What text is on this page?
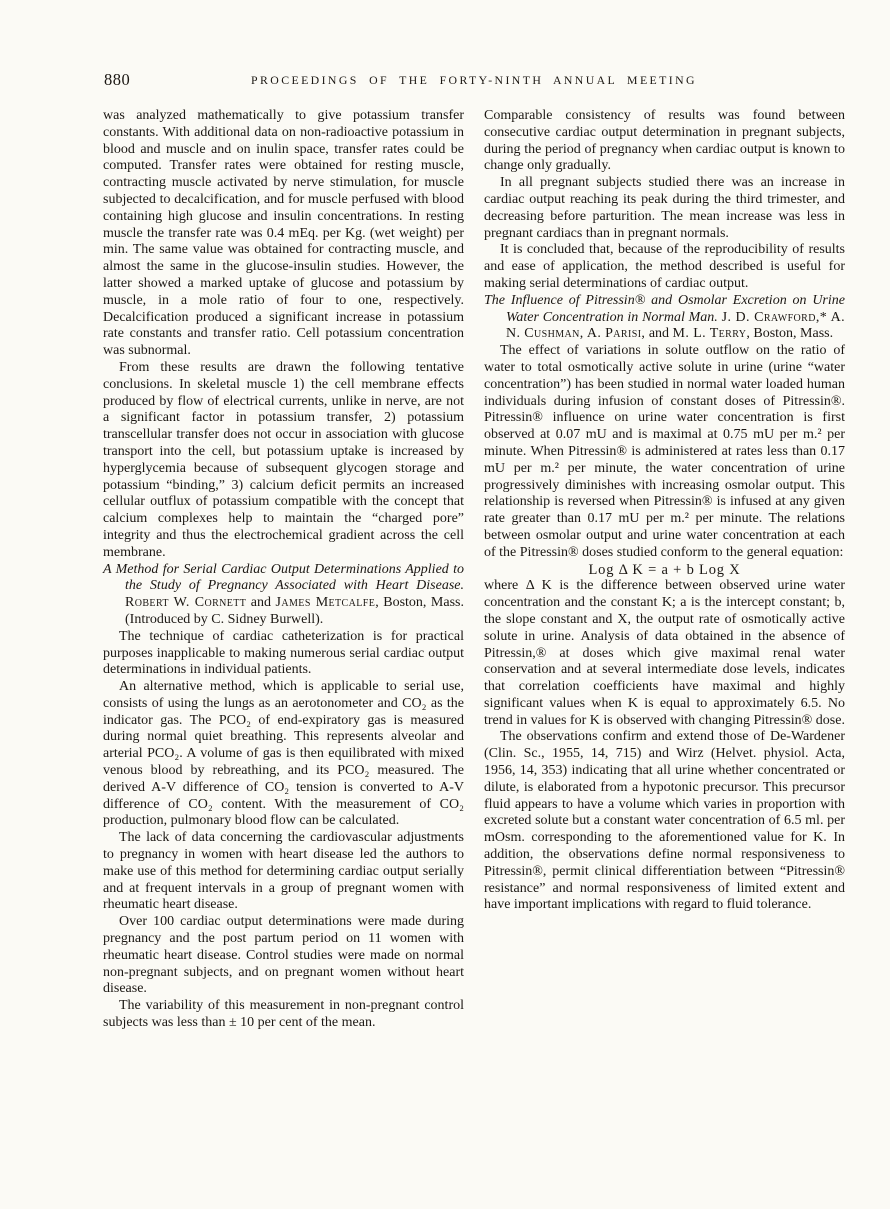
880	PROCEEDINGS OF THE FORTY-NINTH ANNUAL MEETING

was analyzed mathematically to give potassium transfer constants. With additional data on non-radioactive potassium in blood and muscle and on inulin space, transfer rates could be computed. Transfer rates were obtained for resting muscle, contracting muscle activated by nerve stimulation, for muscle subjected to decalcification, and for muscle perfused with blood containing high glucose and insulin concentrations. In resting muscle the transfer rate was 0.4 mEq. per Kg. (wet weight) per min. The same value was obtained for contracting muscle, and almost the same in the glucose-insulin studies. However, the latter showed a marked uptake of glucose and potassium by muscle, in a mole ratio of four to one, respectively. Decalcification produced a significant increase in potassium rate constants and transfer ratio. Cell potassium concentration was subnormal.

From these results are drawn the following tentative conclusions. In skeletal muscle 1) the cell membrane effects produced by flow of electrical currents, unlike in nerve, are not a significant factor in potassium transfer, 2) potassium transcellular transfer does not occur in association with glucose transport into the cell, but potassium uptake is increased by hyperglycemia because of subsequent glycogen storage and potassium “binding,” 3) calcium deficit permits an increased cellular outflux of potassium compatible with the concept that calcium complexes help to maintain the “charged pore” integrity and thus the electrochemical gradient across the cell membrane.

A Method for Serial Cardiac Output Determinations Applied to the Study of Pregnancy Associated with Heart Disease. Robert W. Cornett and James Metcalfe, Boston, Mass. (Introduced by C. Sidney Burwell).

The technique of cardiac catheterization is for practical purposes inapplicable to making numerous serial cardiac output determinations in individual patients.

An alternative method, which is applicable to serial use, consists of using the lungs as an aerotonometer and CO₂ as the indicator gas. The PCO₂ of end-expiratory gas is measured during normal quiet breathing. This represents alveolar and arterial PCO₂. A volume of gas is then equilibrated with mixed venous blood by rebreathing, and its PCO₂ measured. The derived A-V difference of CO₂ tension is converted to A-V difference of CO₂ content. With the measurement of CO₂ production, pulmonary blood flow can be calculated.

The lack of data concerning the cardiovascular adjustments to pregnancy in women with heart disease led the authors to make use of this method for determining cardiac output serially and at frequent intervals in a group of pregnant women with rheumatic heart disease.

Over 100 cardiac output determinations were made during pregnancy and the post partum period on 11 women with rheumatic heart disease. Control studies were made on normal non-pregnant subjects, and on pregnant women without heart disease.

The variability of this measurement in non-pregnant control subjects was less than ± 10 per cent of the mean.

Comparable consistency of results was found between consecutive cardiac output determination in pregnant subjects, during the period of pregnancy when cardiac output is known to change only gradually.

In all pregnant subjects studied there was an increase in cardiac output reaching its peak during the third trimester, and decreasing before parturition. The mean increase was less in pregnant cardiacs than in pregnant normals.

It is concluded that, because of the reproducibility of results and ease of application, the method described is useful for making serial determinations of cardiac output.

The Influence of Pitressin® and Osmolar Excretion on Urine Water Concentration in Normal Man. J. D. Crawford,* A. N. Cushman, A. Parisi, and M. L. Terry, Boston, Mass.

The effect of variations in solute outflow on the ratio of water to total osmotically active solute in urine (urine “water concentration”) has been studied in normal water loaded human individuals during infusion of constant doses of Pitressin®. Pitressin® influence on urine water concentration is first observed at 0.07 mU and is maximal at 0.75 mU per m.² per minute. When Pitressin® is administered at rates less than 0.17 mU per m.² per minute, the water concentration of urine progressively diminishes with increasing osmolar output. This relationship is reversed when Pitressin® is infused at any given rate greater than 0.17 mU per m.² per minute. The relations between osmolar output and urine water concentration at each of the Pitressin® doses studied conform to the general equation:

Log Δ K = a + b Log X

where Δ K is the difference between observed urine water concentration and the constant K; a is the intercept constant; b, the slope constant and X, the output rate of osmotically active solute in urine. Analysis of data obtained in the absence of Pitressin,® at doses which give maximal renal water conservation and at several intermediate dose levels, indicates that correlation coefficients have maximal and highly significant values when K is equal to approximately 6.5. No trend in values for K is observed with changing Pitressin® dose.

The observations confirm and extend those of De-Wardener (Clin. Sc., 1955, 14, 715) and Wirz (Helvet. physiol. Acta, 1956, 14, 353) indicating that all urine whether concentrated or dilute, is elaborated from a hypotonic precursor. This precursor fluid appears to have a volume which varies in proportion with excreted solute but a constant water concentration of 6.5 ml. per mOsm. corresponding to the aforementioned value for K. In addition, the observations define normal responsiveness to Pitressin®, permit clinical differentiation between “Pitressin® resistance” and normal responsiveness of limited extent and have important implications with regard to fluid tolerance.
